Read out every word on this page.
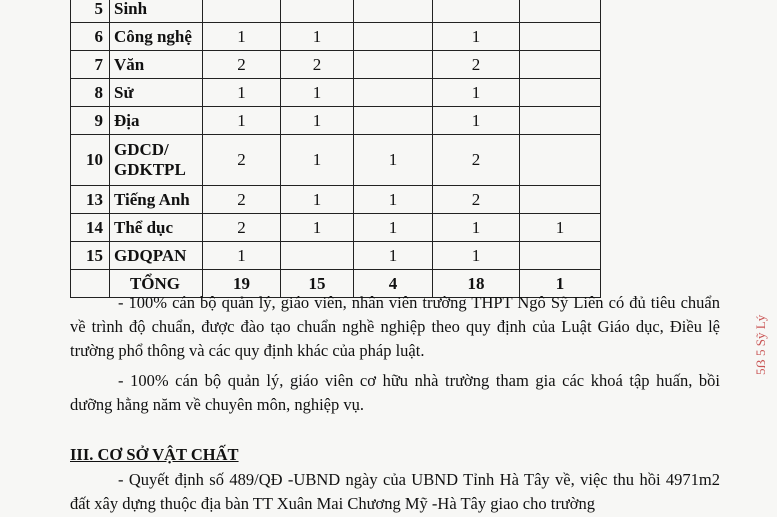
5	Sinh					
6	Công nghệ	1	1		1	
7	Văn	2	2		2	
8	Sử	1	1		1	
9	Địa	1	1		1	
10	GDCD/ GDKTPL	2	1	1	2	
13	Tiếng Anh	2	1	1	2	
14	Thể dục	2	1	1	1	1
15	GDQPAN	1		1	1	
	TỔNG	19	15	4	18	1
- 100% cán bộ quản lý, giáo viên, nhân viên trường THPT Ngô Sỹ Liên có đủ tiêu chuẩn về trình độ chuẩn, được đào tạo chuẩn nghề nghiệp theo quy định của Luật Giáo dục, Điều lệ trường phổ thông và các quy định khác của pháp luật.
- 100% cán bộ quản lý, giáo viên cơ hữu nhà trường tham gia các khoá tập huấn, bồi dưỡng hằng năm về chuyên môn, nghiệp vụ.
III. CƠ SỞ VẬT CHẤT
- Quyết định số 489/QĐ -UBND ngày của UBND Tỉnh Hà Tây về, việc thu hồi 4971m2 đất xây dựng thuộc địa bàn TT Xuân Mai Chương Mỹ -Hà Tây giao cho trường
5ẞ 5 Sỹ Lý
